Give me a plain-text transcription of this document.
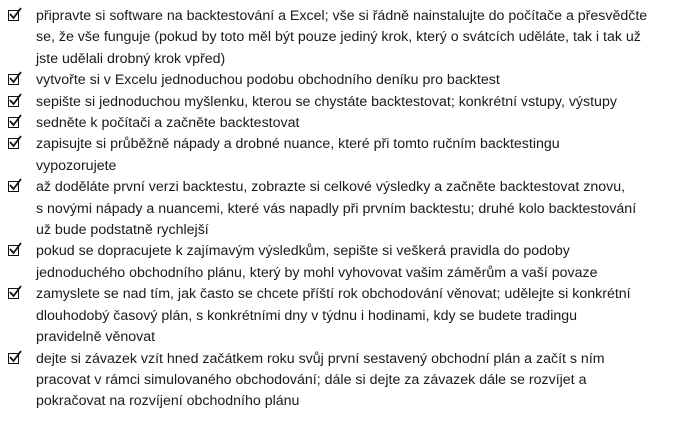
připravte si software na backtestování a Excel; vše si řádně nainstalujte do počítače a přesvědčte
se, že vše funguje (pokud by toto měl být pouze jediný krok, který o svátcích uděláte, tak i tak už
jste udělali drobný krok vpřed)
vytvořte si v Excelu jednoduchou podobu obchodního deníku pro backtest
sepište si jednoduchou myšlenku, kterou se chystáte backtestovat; konkrétní vstupy, výstupy
sedněte k počítači a začněte backtestovat
zapisujte si průběžně nápady a drobné nuance, které při tomto ručním backtestingu
vypozorujete
až doděláte první verzi backtestu, zobrazte si celkové výsledky a začněte backtestovat znovu,
s novými nápady a nuancemi, které vás napadly při prvním backtestu; druhé kolo backtestování
už bude podstatně rychlejší
pokud se dopracujete k zajímavým výsledkům, sepište si veškerá pravidla do podoby
jednoduchého obchodního plánu, který by mohl vyhovovat vašim záměrům a vaší povaze
zamyslete se nad tím, jak často se chcete příští rok obchodování věnovat; udělejte si konkrétní
dlouhodobý časový plán, s konkrétními dny v týdnu i hodinami, kdy se budete tradingu
pravidelně věnovat
dejte si závazek vzít hned začátkem roku svůj první sestavený obchodní plán a začít s ním
pracovat v rámci simulovaného obchodování; dále si dejte za závazek dále se rozvíjet a
pokračovat na rozvíjení obchodního plánu
